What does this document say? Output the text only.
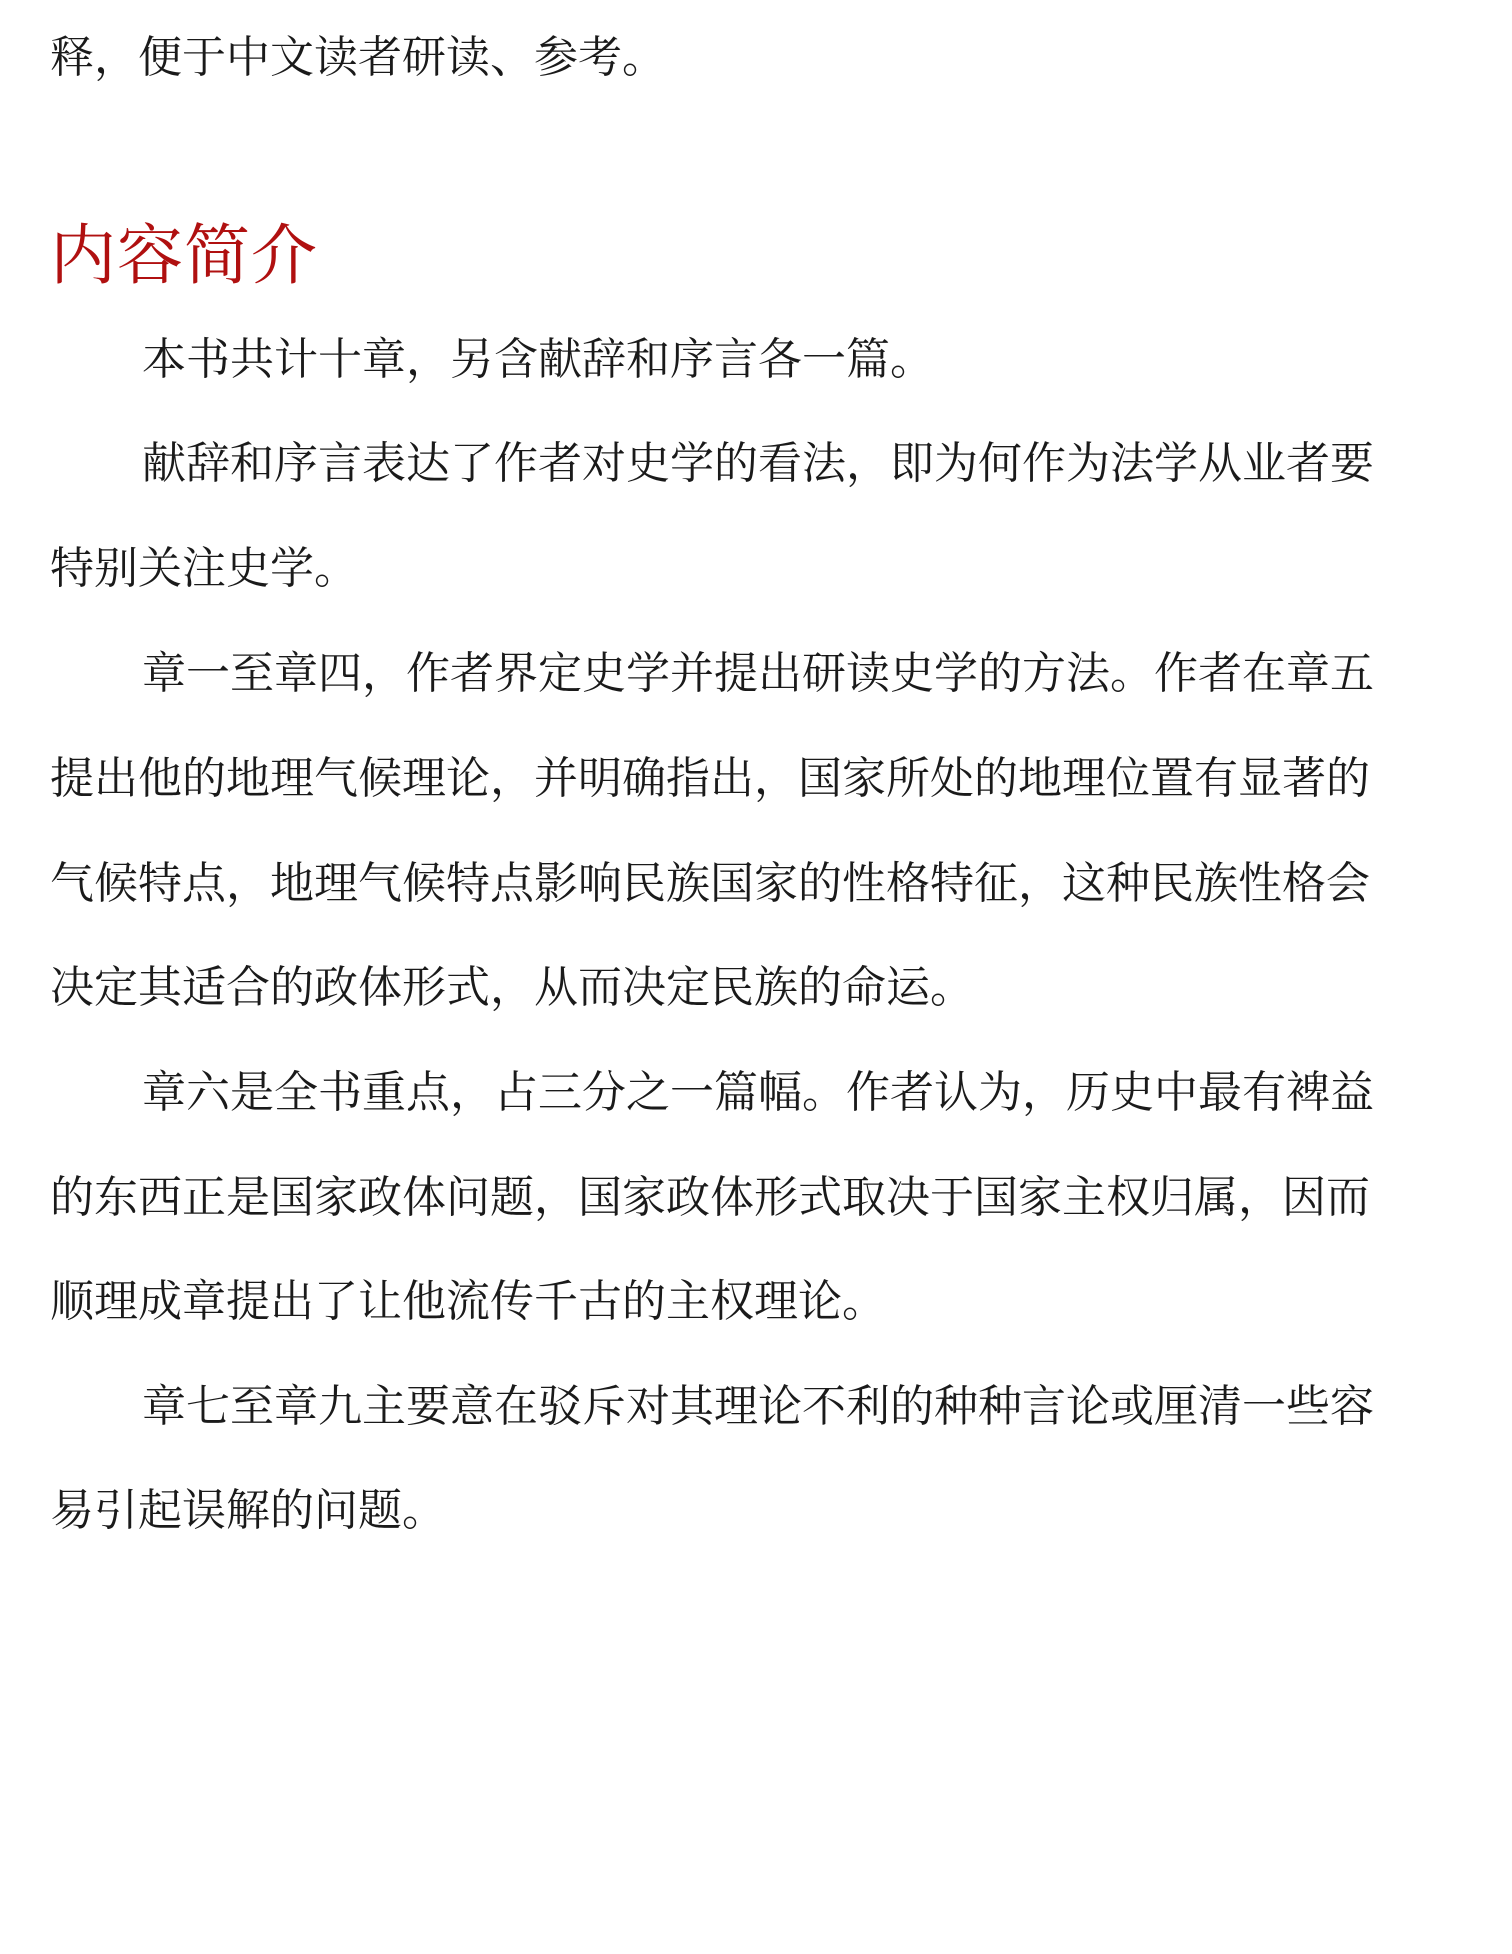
释，便于中文读者研读、参考。
内容简介
本书共计十章，另含献辞和序言各一篇。
献辞和序言表达了作者对史学的看法，即为何作为法学从业者要
特别关注史学。
章一至章四，作者界定史学并提出研读史学的方法。作者在章五
提出他的地理气候理论，并明确指出，国家所处的地理位置有显著的
气候特点，地理气候特点影响民族国家的性格特征，这种民族性格会
决定其适合的政体形式，从而决定民族的命运。
章六是全书重点，占三分之一篇幅。作者认为，历史中最有裨益
的东西正是国家政体问题，国家政体形式取决于国家主权归属，因而
顺理成章提出了让他流传千古的主权理论。
章七至章九主要意在驳斥对其理论不利的种种言论或厘清一些容
易引起误解的问题。
